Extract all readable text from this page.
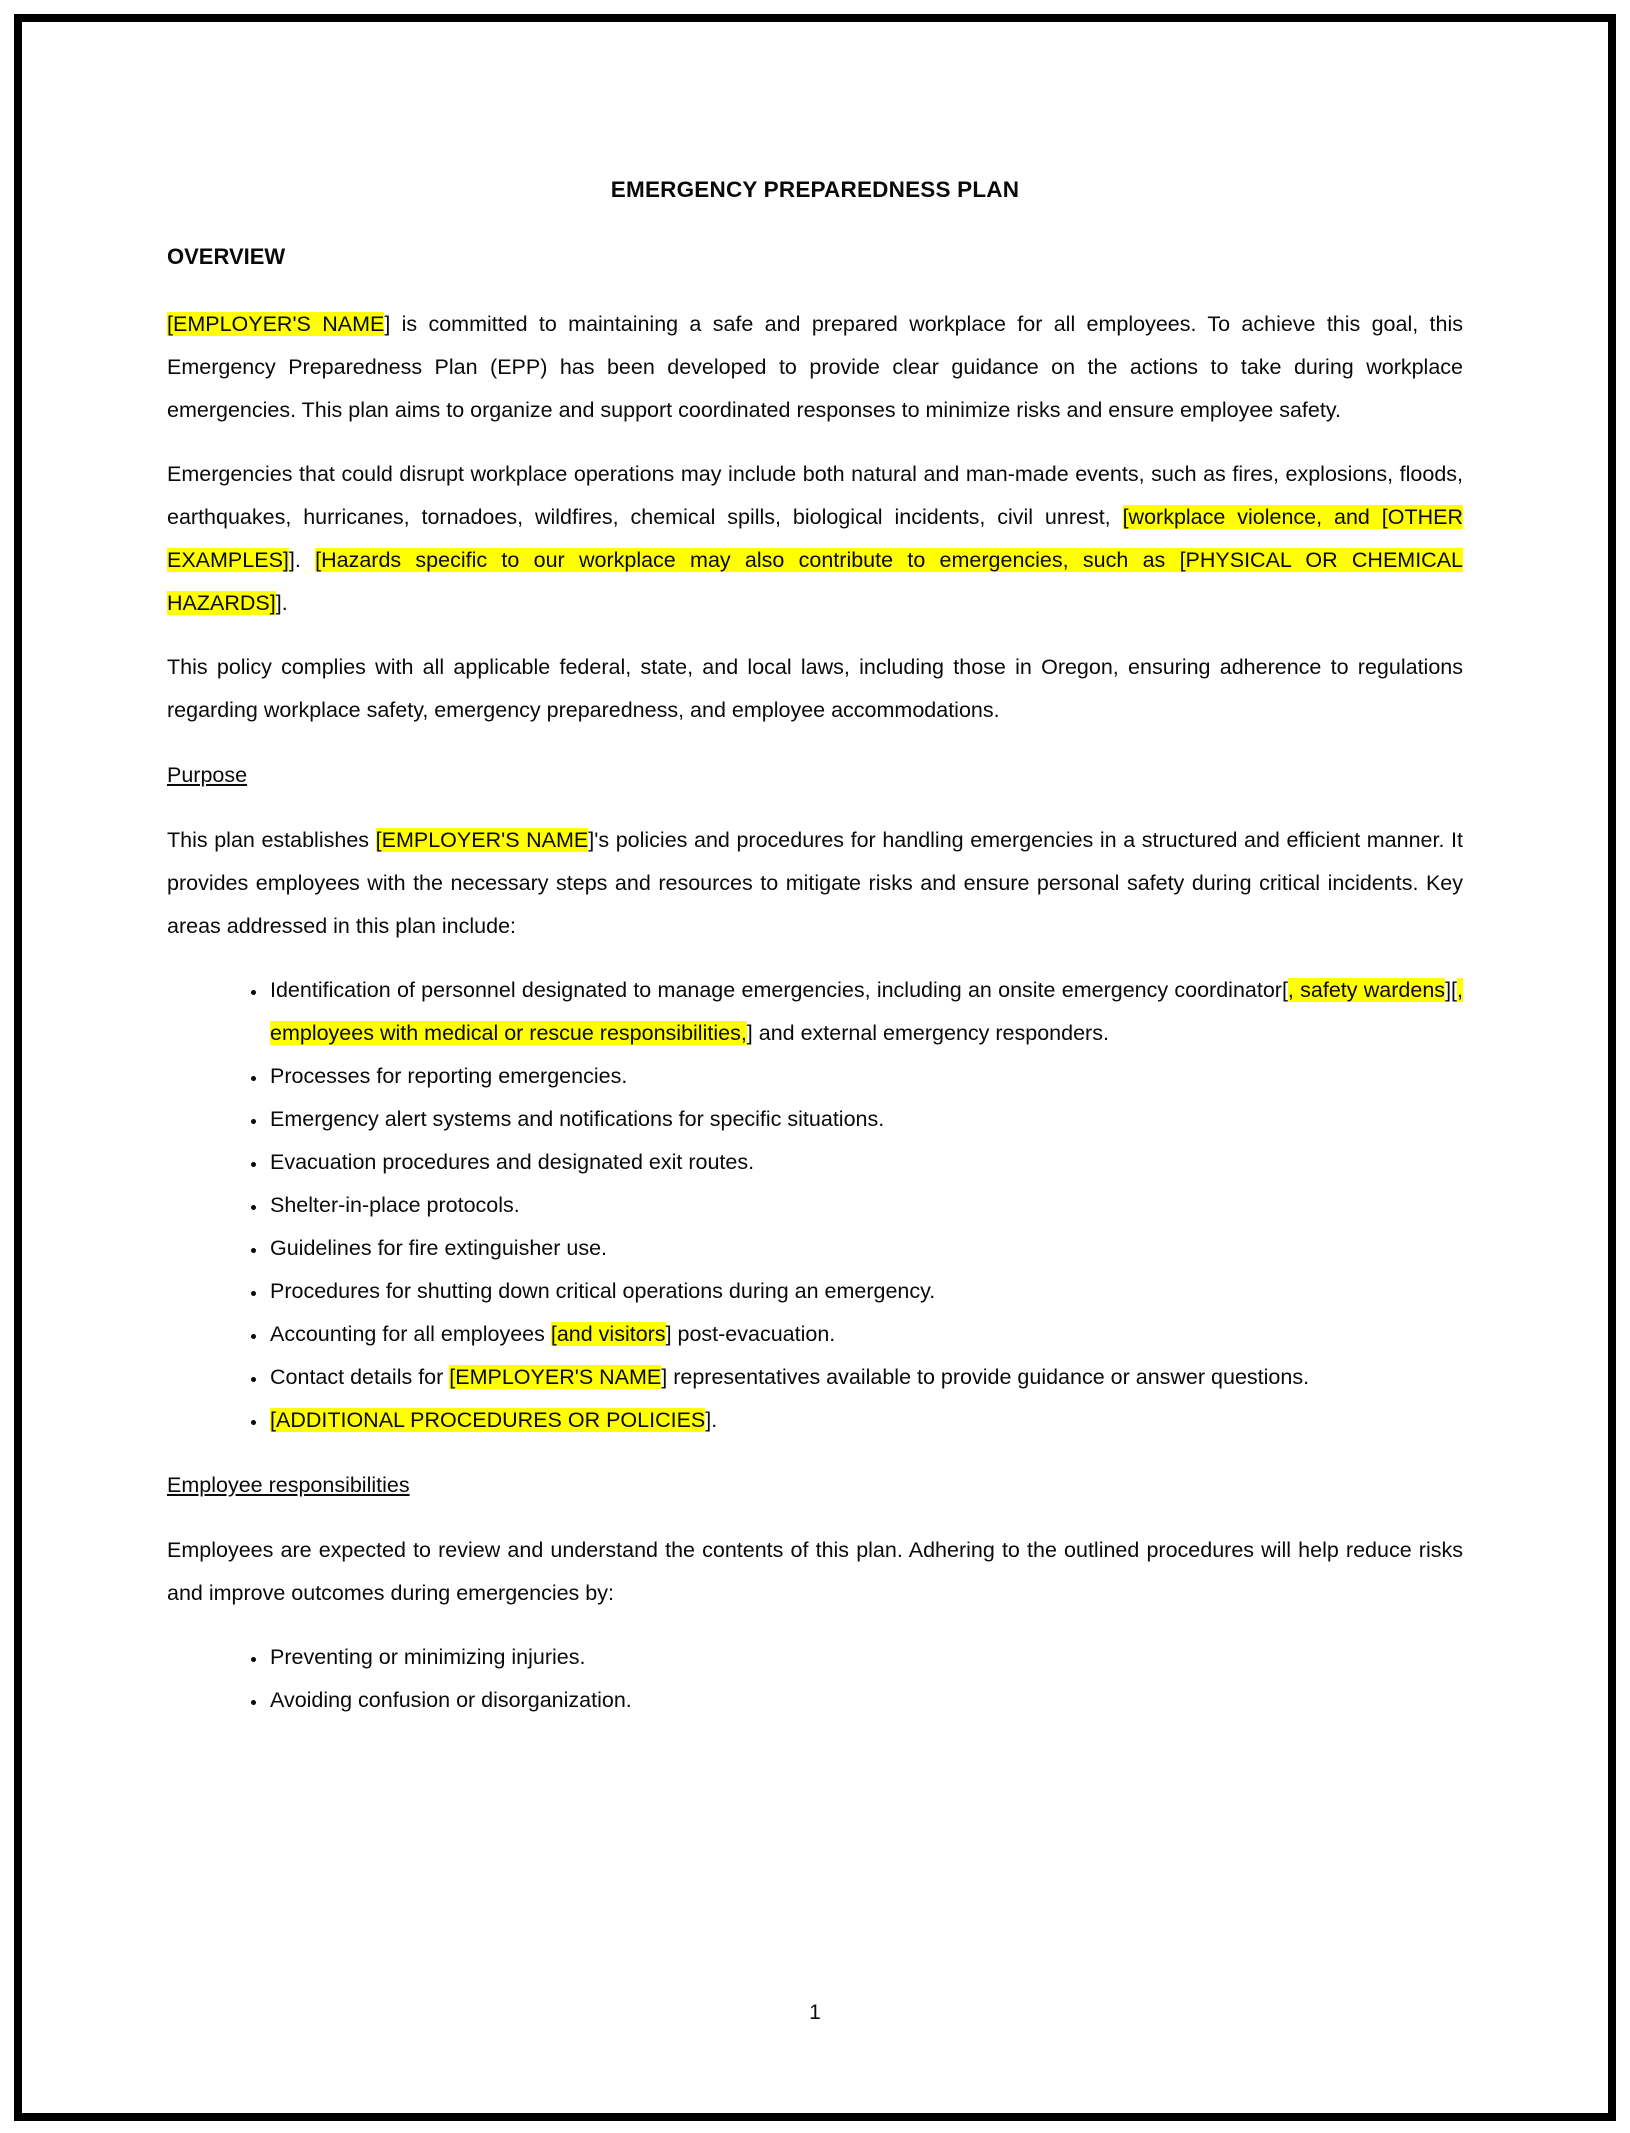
EMERGENCY PREPAREDNESS PLAN
OVERVIEW

[EMPLOYER'S NAME] is committed to maintaining a safe and prepared workplace for all employees. To achieve this goal, this Emergency Preparedness Plan (EPP) has been developed to provide clear guidance on the actions to take during workplace emergencies. This plan aims to organize and support coordinated responses to minimize risks and ensure employee safety.

Emergencies that could disrupt workplace operations may include both natural and man-made events, such as fires, explosions, floods, earthquakes, hurricanes, tornadoes, wildfires, chemical spills, biological incidents, civil unrest, [workplace violence, and [OTHER EXAMPLES]]. [Hazards specific to our workplace may also contribute to emergencies, such as [PHYSICAL OR CHEMICAL HAZARDS]].

This policy complies with all applicable federal, state, and local laws, including those in Oregon, ensuring adherence to regulations regarding workplace safety, emergency preparedness, and employee accommodations.

Purpose

This plan establishes [EMPLOYER'S NAME]'s policies and procedures for handling emergencies in a structured and efficient manner. It provides employees with the necessary steps and resources to mitigate risks and ensure personal safety during critical incidents. Key areas addressed in this plan include:

• Identification of personnel designated to manage emergencies, including an onsite emergency coordinator[, safety wardens][, employees with medical or rescue responsibilities,] and external emergency responders.
• Processes for reporting emergencies.
• Emergency alert systems and notifications for specific situations.
• Evacuation procedures and designated exit routes.
• Shelter-in-place protocols.
• Guidelines for fire extinguisher use.
• Procedures for shutting down critical operations during an emergency.
• Accounting for all employees [and visitors] post-evacuation.
• Contact details for [EMPLOYER'S NAME] representatives available to provide guidance or answer questions.
• [ADDITIONAL PROCEDURES OR POLICIES].
Employee responsibilities

Employees are expected to review and understand the contents of this plan. Adhering to the outlined procedures will help reduce risks and improve outcomes during emergencies by:

• Preventing or minimizing injuries.
• Avoiding confusion or disorganization.
1
